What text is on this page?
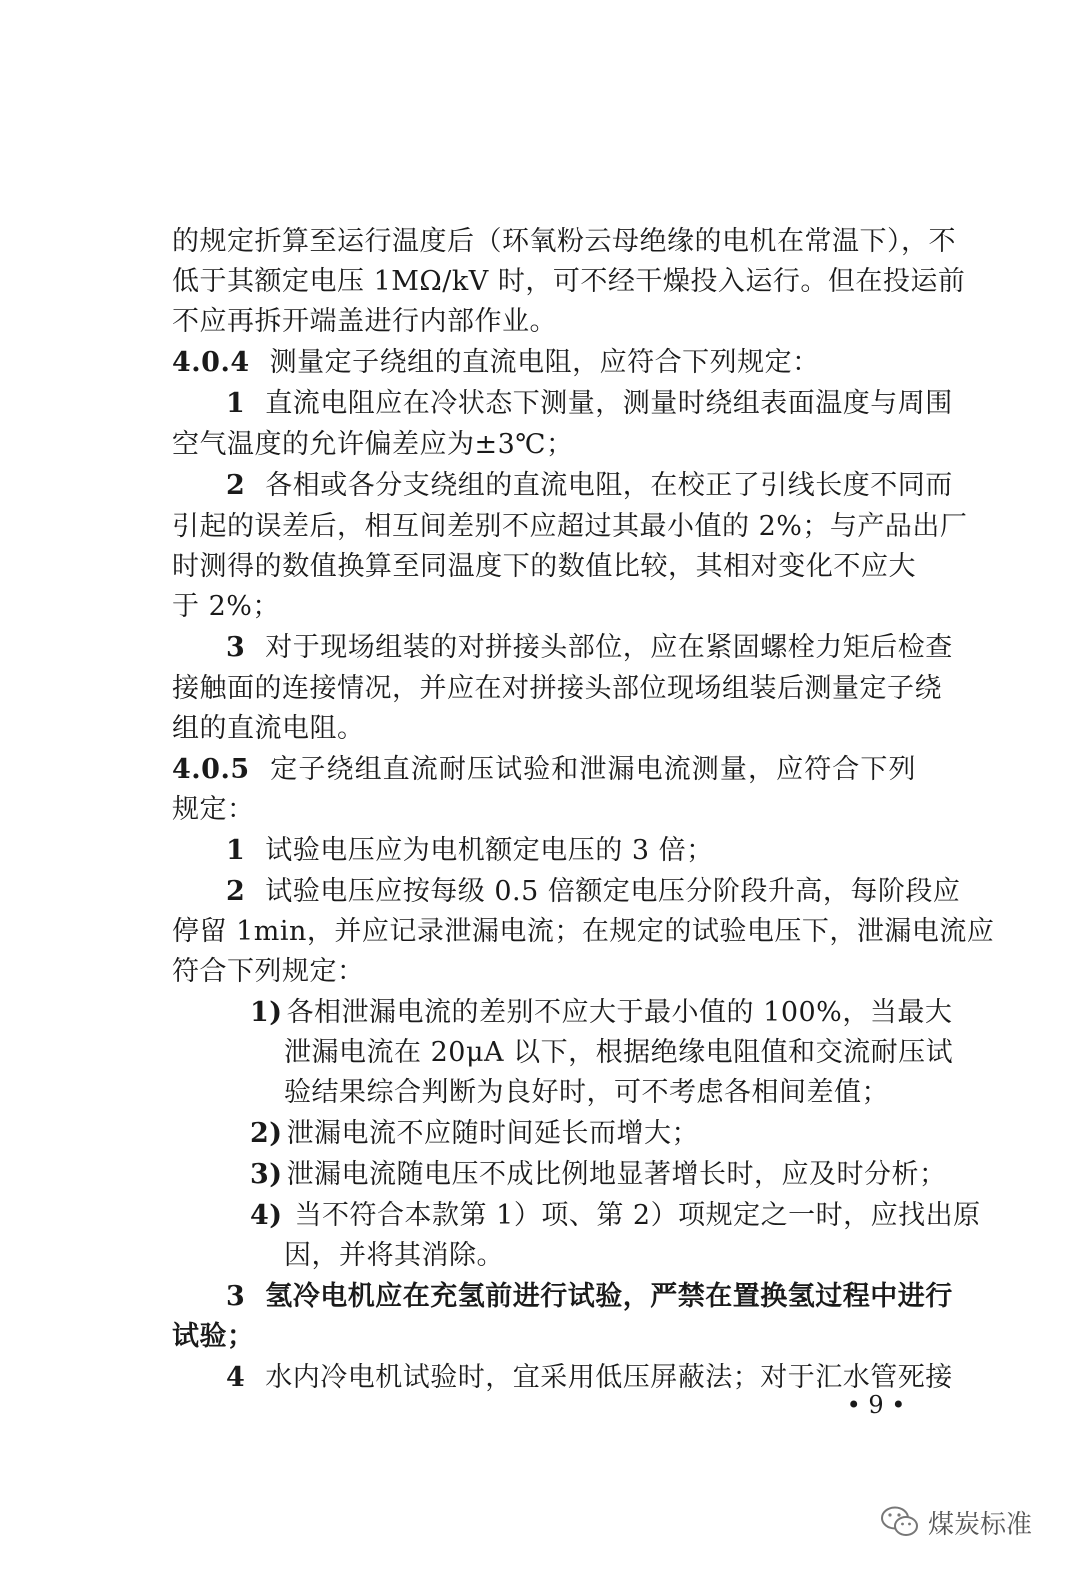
的规定折算至运行温度后（环氧粉云母绝缘的电机在常温下），不
低于其额定电压 1MΩ/kV 时，可不经干燥投入运行。但在投运前
不应再拆开端盖进行内部作业。
4.0.4 测量定子绕组的直流电阻，应符合下列规定：
1 直流电阻应在冷状态下测量，测量时绕组表面温度与周围
空气温度的允许偏差应为±3℃；
2 各相或各分支绕组的直流电阻，在校正了引线长度不同而
引起的误差后，相互间差别不应超过其最小值的 2%；与产品出厂
时测得的数值换算至同温度下的数值比较，其相对变化不应大
于 2%；
3 对于现场组装的对拼接头部位，应在紧固螺栓力矩后检查
接触面的连接情况，并应在对拼接头部位现场组装后测量定子绕
组的直流电阻。
4.0.5 定子绕组直流耐压试验和泄漏电流测量，应符合下列
规定：
1 试验电压应为电机额定电压的 3 倍；
2 试验电压应按每级 0.5 倍额定电压分阶段升高，每阶段应
停留 1min，并应记录泄漏电流；在规定的试验电压下，泄漏电流应
符合下列规定：
1) 各相泄漏电流的差别不应大于最小值的 100%，当最大
泄漏电流在 20μA 以下，根据绝缘电阻值和交流耐压试
验结果综合判断为良好时，可不考虑各相间差值；
2) 泄漏电流不应随时间延长而增大；
3) 泄漏电流随电压不成比例地显著增长时，应及时分析；
4) 当不符合本款第 1）项、第 2）项规定之一时，应找出原
因，并将其消除。
3 氢冷电机应在充氢前进行试验，严禁在置换氢过程中进行
试验；
4 水内冷电机试验时，宜采用低压屏蔽法；对于汇水管死接
• 9 •
煤炭标准
